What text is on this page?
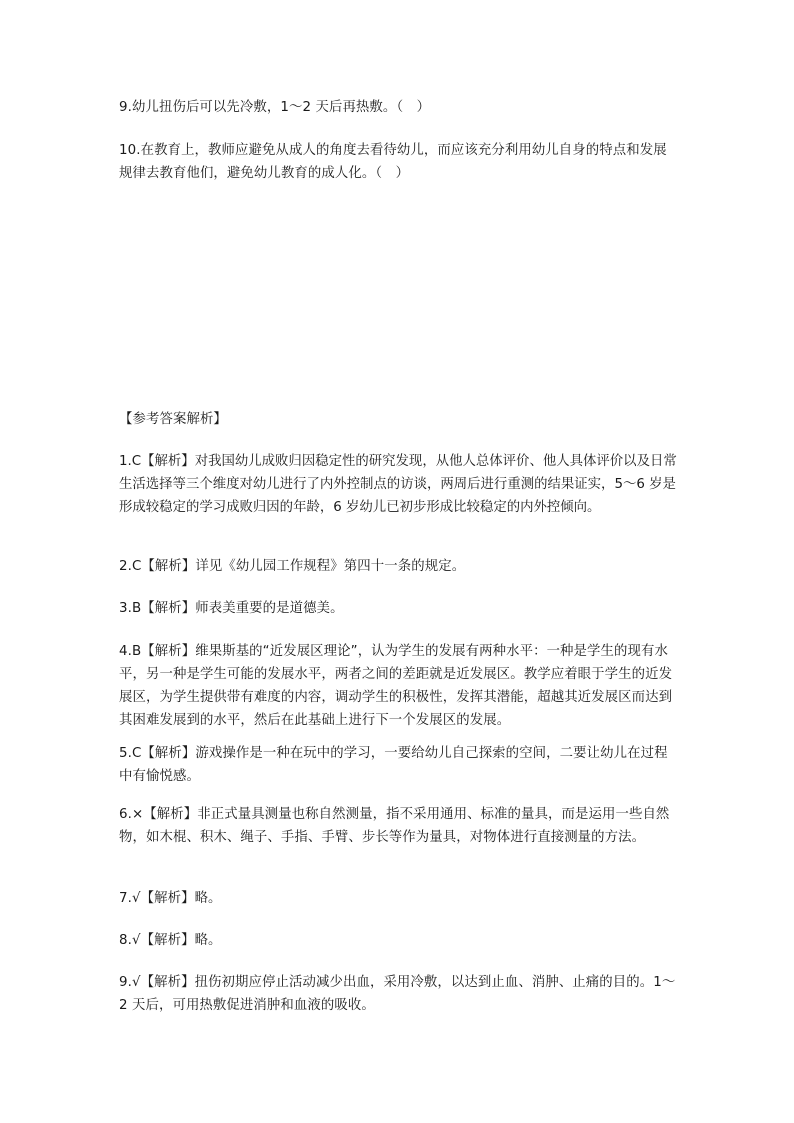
9.幼儿扭伤后可以先冷敷，1～2 天后再热敷。（　）
10.在教育上，教师应避免从成人的角度去看待幼儿，而应该充分利用幼儿自身的特点和发展规律去教育他们，避免幼儿教育的成人化。（　）
【参考答案解析】
1.C【解析】对我国幼儿成败归因稳定性的研究发现，从他人总体评价、他人具体评价以及日常生活选择等三个维度对幼儿进行了内外控制点的访谈，两周后进行重测的结果证实，5～6 岁是形成较稳定的学习成败归因的年龄，6 岁幼儿已初步形成比较稳定的内外控倾向。
2.C【解析】详见《幼儿园工作规程》第四十一条的规定。
3.B【解析】师表美重要的是道德美。
4.B【解析】维果斯基的“近发展区理论”，认为学生的发展有两种水平：一种是学生的现有水平，另一种是学生可能的发展水平，两者之间的差距就是近发展区。教学应着眼于学生的近发展区，为学生提供带有难度的内容，调动学生的积极性，发挥其潜能，超越其近发展区而达到其困难发展到的水平，然后在此基础上进行下一个发展区的发展。
5.C【解析】游戏操作是一种在玩中的学习，一要给幼儿自己探索的空间，二要让幼儿在过程中有愉悦感。
6.×【解析】非正式量具测量也称自然测量，指不采用通用、标准的量具，而是运用一些自然物，如木棍、积木、绳子、手指、手臂、步长等作为量具，对物体进行直接测量的方法。
7.√【解析】略。
8.√【解析】略。
9.√【解析】扭伤初期应停止活动减少出血，采用冷敷，以达到止血、消肿、止痛的目的。1～2 天后，可用热敷促进消肿和血液的吸收。
